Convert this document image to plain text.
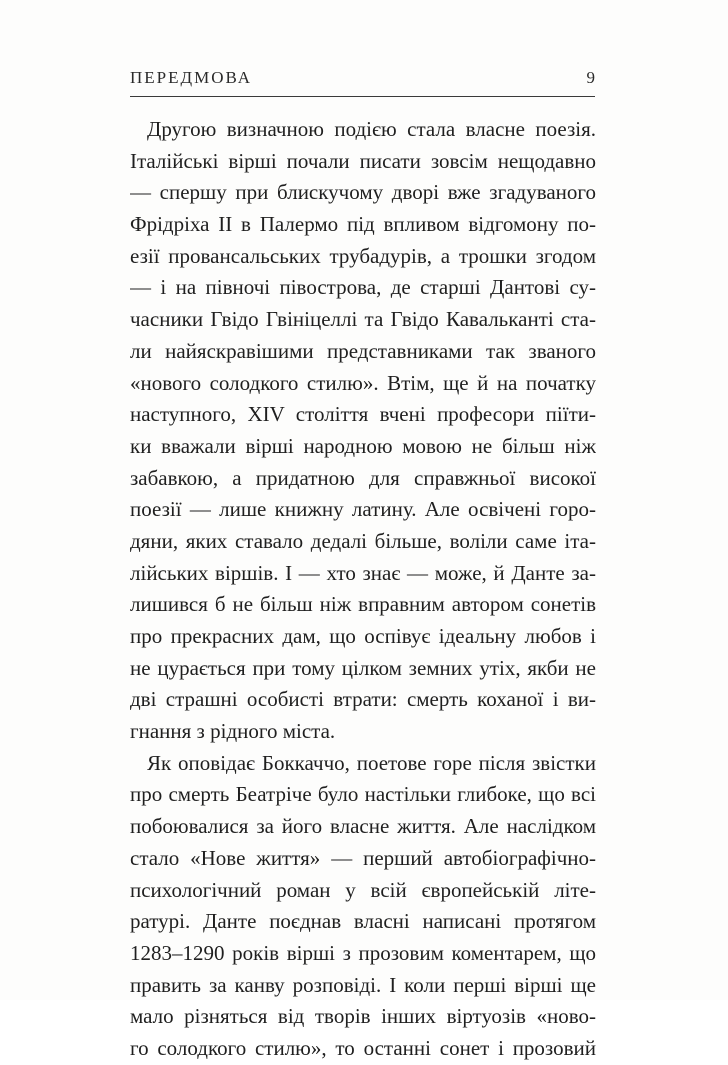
ПЕРЕДМОВА	9
Другою визначною подією стала власне поезія.
Італійські вірші почали писати зовсім нещодавно
— спершу при блискучому дворі вже згадуваного
Фрідріха II в Палермо під впливом відгомону по-
езії провансальських трубадурів, а трошки згодом
— і на півночі півострова, де старші Дантові су-
часники Гвідо Гвініцеллі та Гвідо Кавальканті ста-
ли найяскравішими представниками так званого
«нового солодкого стилю». Втім, ще й на початку
наступного, XIV століття вчені професори піїти-
ки вважали вірші народною мовою не більш ніж
забавкою, а придатною для справжньої високої
поезії — лише книжну латину. Але освічені горо-
дяни, яких ставало дедалі більше, воліли саме іта-
лійських віршів. І — хто знає — може, й Данте за-
лишився б не більш ніж вправним автором сонетів
про прекрасних дам, що оспівує ідеальну любов і
не цурається при тому цілком земних утіх, якби не
дві страшні особисті втрати: смерть коханої і ви-
гнання з рідного міста.
Як оповідає Боккаччо, поетове горе після звістки
про смерть Беатріче було настільки глибоке, що всі
побоювалися за його власне життя. Але наслідком
стало «Нове життя» — перший автобіографічно-
психологічний роман у всій європейській літе-
ратурі. Данте поєднав власні написані протягом
1283–1290 років вірші з прозовим коментарем, що
править за канву розповіді. І коли перші вірші ще
мало різняться від творів інших віртуозів «ново-
го солодкого стилю», то останні сонет і прозовий
